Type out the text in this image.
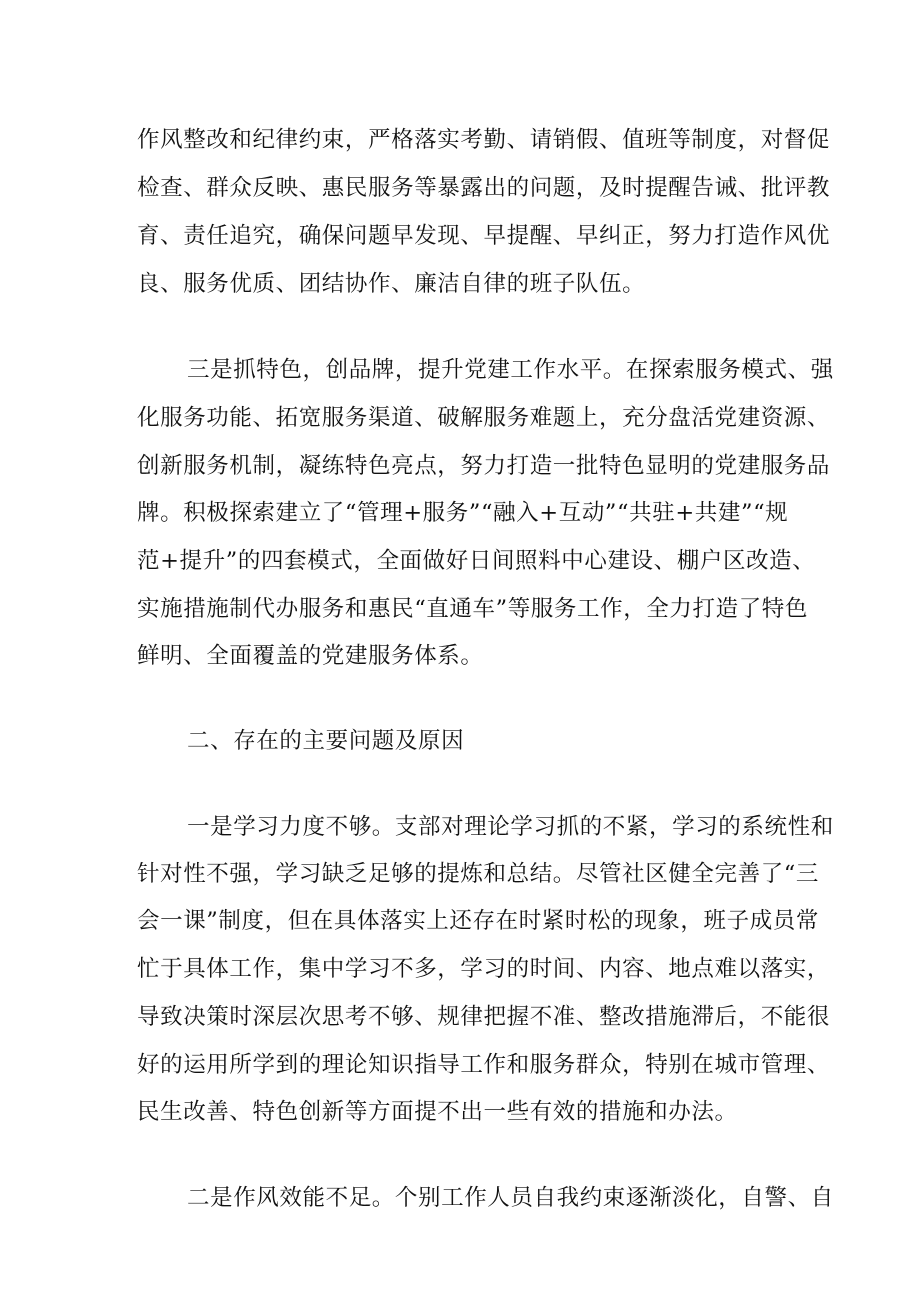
作风整改和纪律约束，严格落实考勤、请销假、值班等制度，对督促
检查、群众反映、惠民服务等暴露出的问题，及时提醒告诫、批评教
育、责任追究，确保问题早发现、早提醒、早纠正，努力打造作风优
良、服务优质、团结协作、廉洁自律的班子队伍。
三是抓特色，创品牌，提升党建工作水平。在探索服务模式、强
化服务功能、拓宽服务渠道、破解服务难题上，充分盘活党建资源、
创新服务机制，凝练特色亮点，努力打造一批特色显明的党建服务品
牌。积极探索建立了“管理+服务”“融入+互动”“共驻+共建”“规
范+提升”的四套模式，全面做好日间照料中心建设、棚户区改造、
实施措施制代办服务和惠民“直通车”等服务工作，全力打造了特色
鲜明、全面覆盖的党建服务体系。
二、存在的主要问题及原因
一是学习力度不够。支部对理论学习抓的不紧，学习的系统性和
针对性不强，学习缺乏足够的提炼和总结。尽管社区健全完善了“三
会一课”制度，但在具体落实上还存在时紧时松的现象，班子成员常
忙于具体工作，集中学习不多，学习的时间、内容、地点难以落实，
导致决策时深层次思考不够、规律把握不准、整改措施滞后，不能很
好的运用所学到的理论知识指导工作和服务群众，特别在城市管理、
民生改善、特色创新等方面提不出一些有效的措施和办法。
二是作风效能不足。个别工作人员自我约束逐渐淡化，自警、自
